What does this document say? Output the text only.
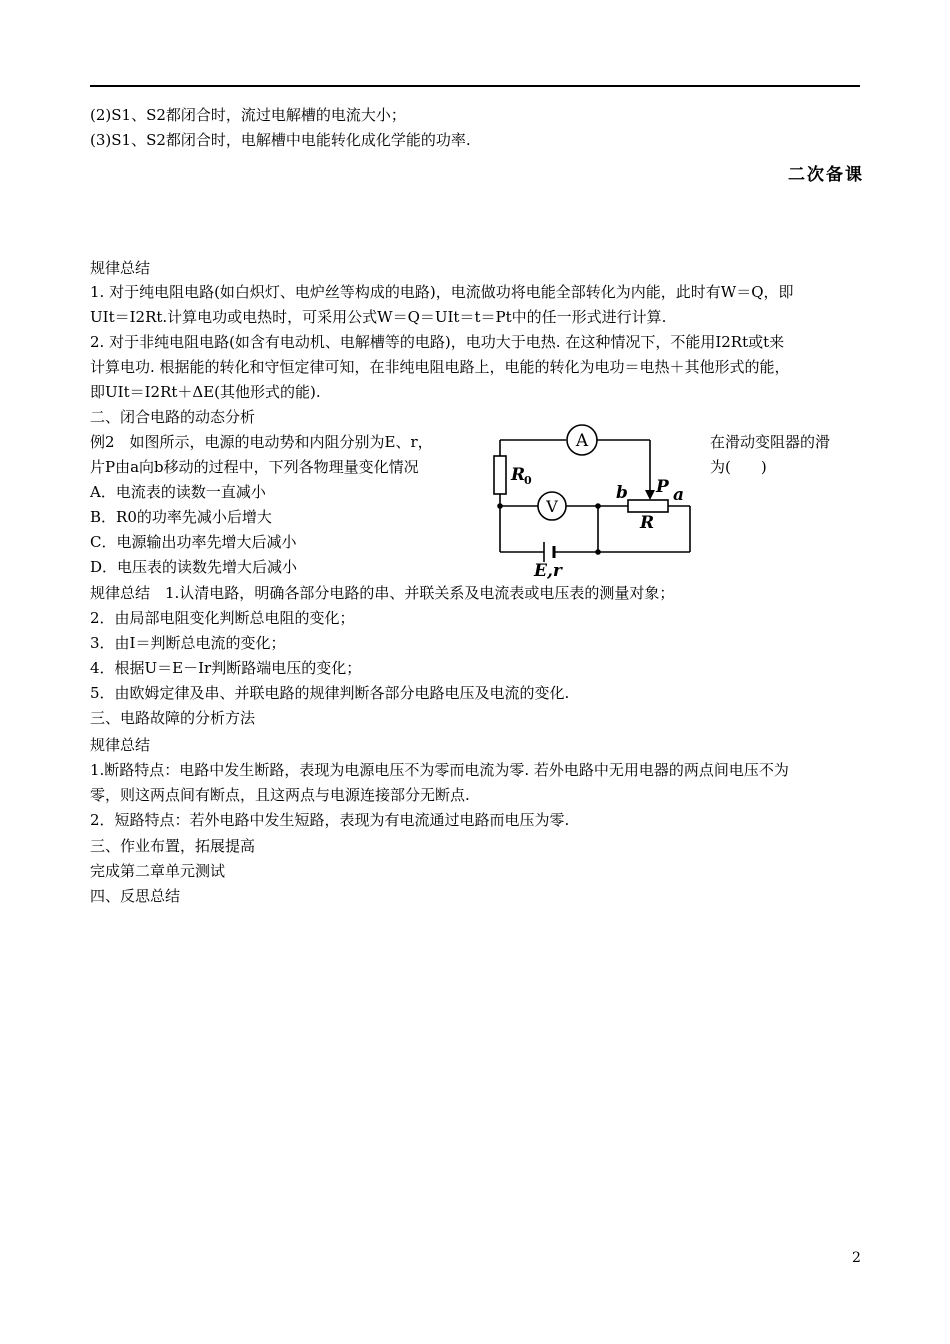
(2)S1、S2都闭合时，流过电解槽的电流大小；
(3)S1、S2都闭合时，电解槽中电能转化成化学能的功率.
二次备课
规律总结
1. 对于纯电阻电路(如白炽灯、电炉丝等构成的电路)，电流做功将电能全部转化为内能，此时有W＝Q，即
UIt＝I2Rt.计算电功或电热时，可采用公式W＝Q＝UIt＝t＝Pt中的任一形式进行计算.
2. 对于非纯电阻电路(如含有电动机、电解槽等的电路)，电功大于电热. 在这种情况下，不能用I2Rt或t来
计算电功. 根据能的转化和守恒定律可知，在非纯电阻电路上，电能的转化为电功＝电热＋其他形式的能，
即UIt＝I2Rt＋ΔE(其他形式的能).
二、闭合电路的动态分析
例2　如图所示，电源的电动势和内阻分别为E、r，	在滑动变阻器的滑
片P由a向b移动的过程中，下列各物理量变化情况	为(　　)
A．电流表的读数一直减小
B．R0的功率先减小后增大
C．电源输出功率先增大后减小
D．电压表的读数先增大后减小
规律总结　1.认清电路，明确各部分电路的串、并联关系及电流表或电压表的测量对象；
2．由局部电阻变化判断总电阻的变化；
3．由I＝判断总电流的变化；
4．根据U＝E－Ir判断路端电压的变化；
5．由欧姆定律及串、并联电路的规律判断各部分电路电压及电流的变化.
三、电路故障的分析方法
规律总结
1.断路特点：电路中发生断路，表现为电源电压不为零而电流为零. 若外电路中无用电器的两点间电压不为
零，则这两点间有断点，且这两点与电源连接部分无断点.
2．短路特点：若外电路中发生短路，表现为有电流通过电路而电压为零.
三、作业布置，拓展提高
完成第二章单元测试
四、反思总结
A
V
R
0
b P a
R
E,r
2
